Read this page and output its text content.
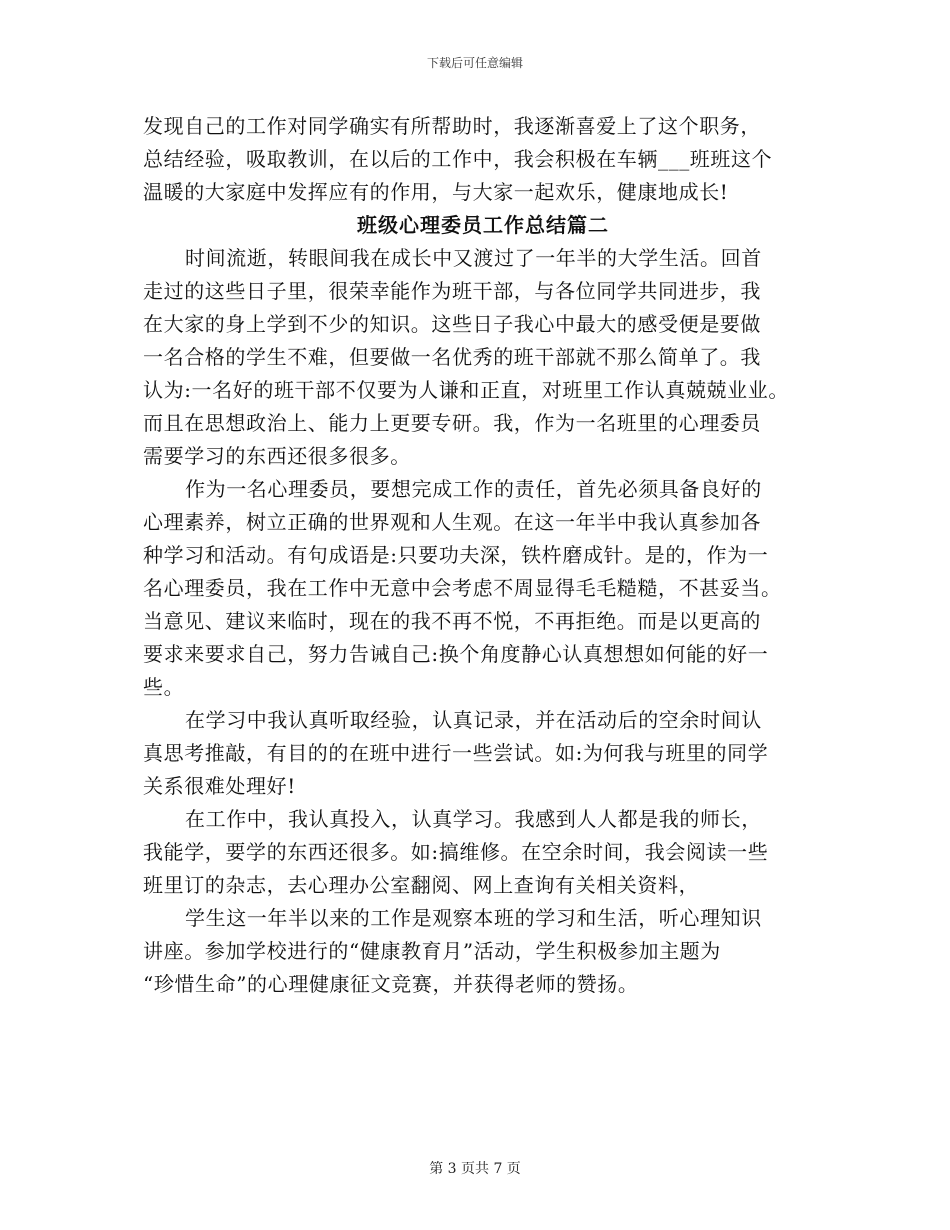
下载后可任意编辑
发现自己的工作对同学确实有所帮助时，我逐渐喜爱上了这个职务，
总结经验，吸取教训，在以后的工作中，我会积极在车辆___班班这个
温暖的大家庭中发挥应有的作用，与大家一起欢乐，健康地成长!
班级心理委员工作总结篇二
时间流逝，转眼间我在成长中又渡过了一年半的大学生活。回首
走过的这些日子里，很荣幸能作为班干部，与各位同学共同进步，我
在大家的身上学到不少的知识。这些日子我心中最大的感受便是要做
一名合格的学生不难，但要做一名优秀的班干部就不那么简单了。我
认为:一名好的班干部不仅要为人谦和正直，对班里工作认真兢兢业业。
而且在思想政治上、能力上更要专研。我，作为一名班里的心理委员
需要学习的东西还很多很多。
作为一名心理委员，要想完成工作的责任，首先必须具备良好的
心理素养，树立正确的世界观和人生观。在这一年半中我认真参加各
种学习和活动。有句成语是:只要功夫深，铁杵磨成针。是的，作为一
名心理委员，我在工作中无意中会考虑不周显得毛毛糙糙，不甚妥当。
当意见、建议来临时，现在的我不再不悦，不再拒绝。而是以更高的
要求来要求自己，努力告诫自己:换个角度静心认真想想如何能的好一
些。
在学习中我认真听取经验，认真记录，并在活动后的空余时间认
真思考推敲，有目的的在班中进行一些尝试。如:为何我与班里的同学
关系很难处理好!
在工作中，我认真投入，认真学习。我感到人人都是我的师长，
我能学，要学的东西还很多。如:搞维修。在空余时间，我会阅读一些
班里订的杂志，去心理办公室翻阅、网上查询有关相关资料，
学生这一年半以来的工作是观察本班的学习和生活，听心理知识
讲座。参加学校进行的“健康教育月”活动，学生积极参加主题为
“珍惜生命”的心理健康征文竞赛，并获得老师的赞扬。
第 3 页共 7 页
